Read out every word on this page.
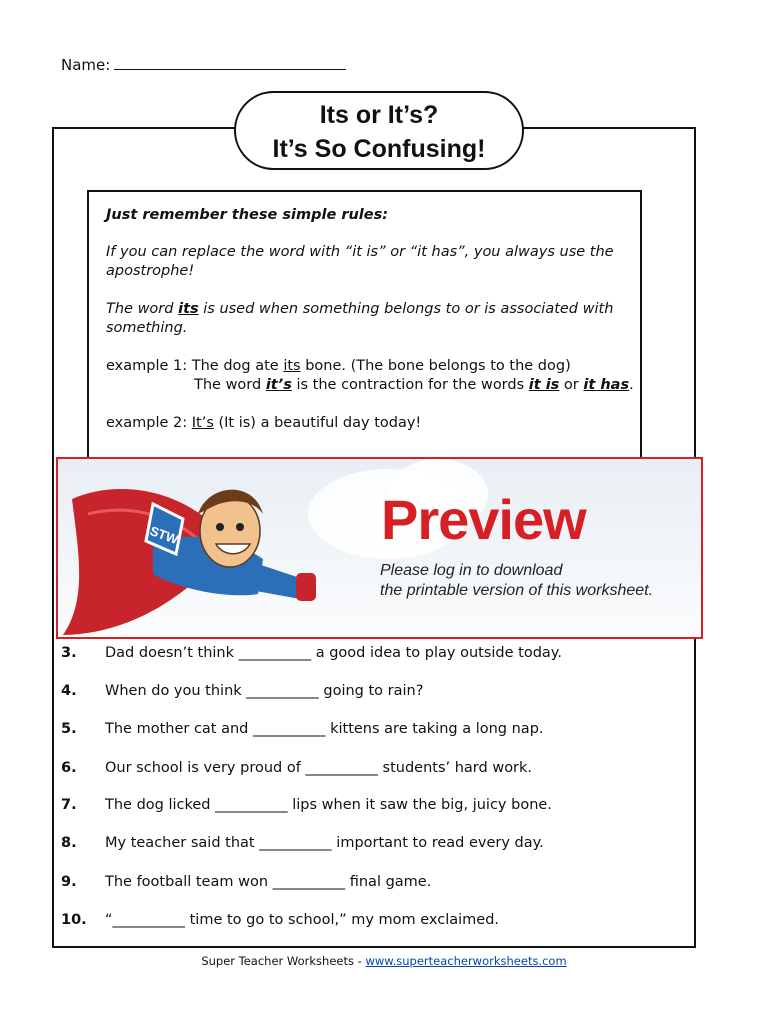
Name:
Its or It’s?
It’s So Confusing!
Just remember these simple rules:
If you can replace the word with “it is” or “it has”, you always use the
apostrophe!
The word its is used when something belongs to or is associated with
something.
example 1: The dog ate its bone. (The bone belongs to the dog)
The word it’s is the contraction for the words it is or it has.
example 2: It’s (It is) a beautiful day today!
STW	Preview
Please log in to download
the printable version of this worksheet.
3. Dad doesn’t think __________ a good idea to play outside today.
4. When do you think __________ going to rain?
5. The mother cat and __________ kittens are taking a long nap.
6. Our school is very proud of __________ students’ hard work.
7. The dog licked __________ lips when it saw the big, juicy bone.
8. My teacher said that __________ important to read every day.
9. The football team won __________ final game.
10. “__________ time to go to school,” my mom exclaimed.
Super Teacher Worksheets - www.superteacherworksheets.com
